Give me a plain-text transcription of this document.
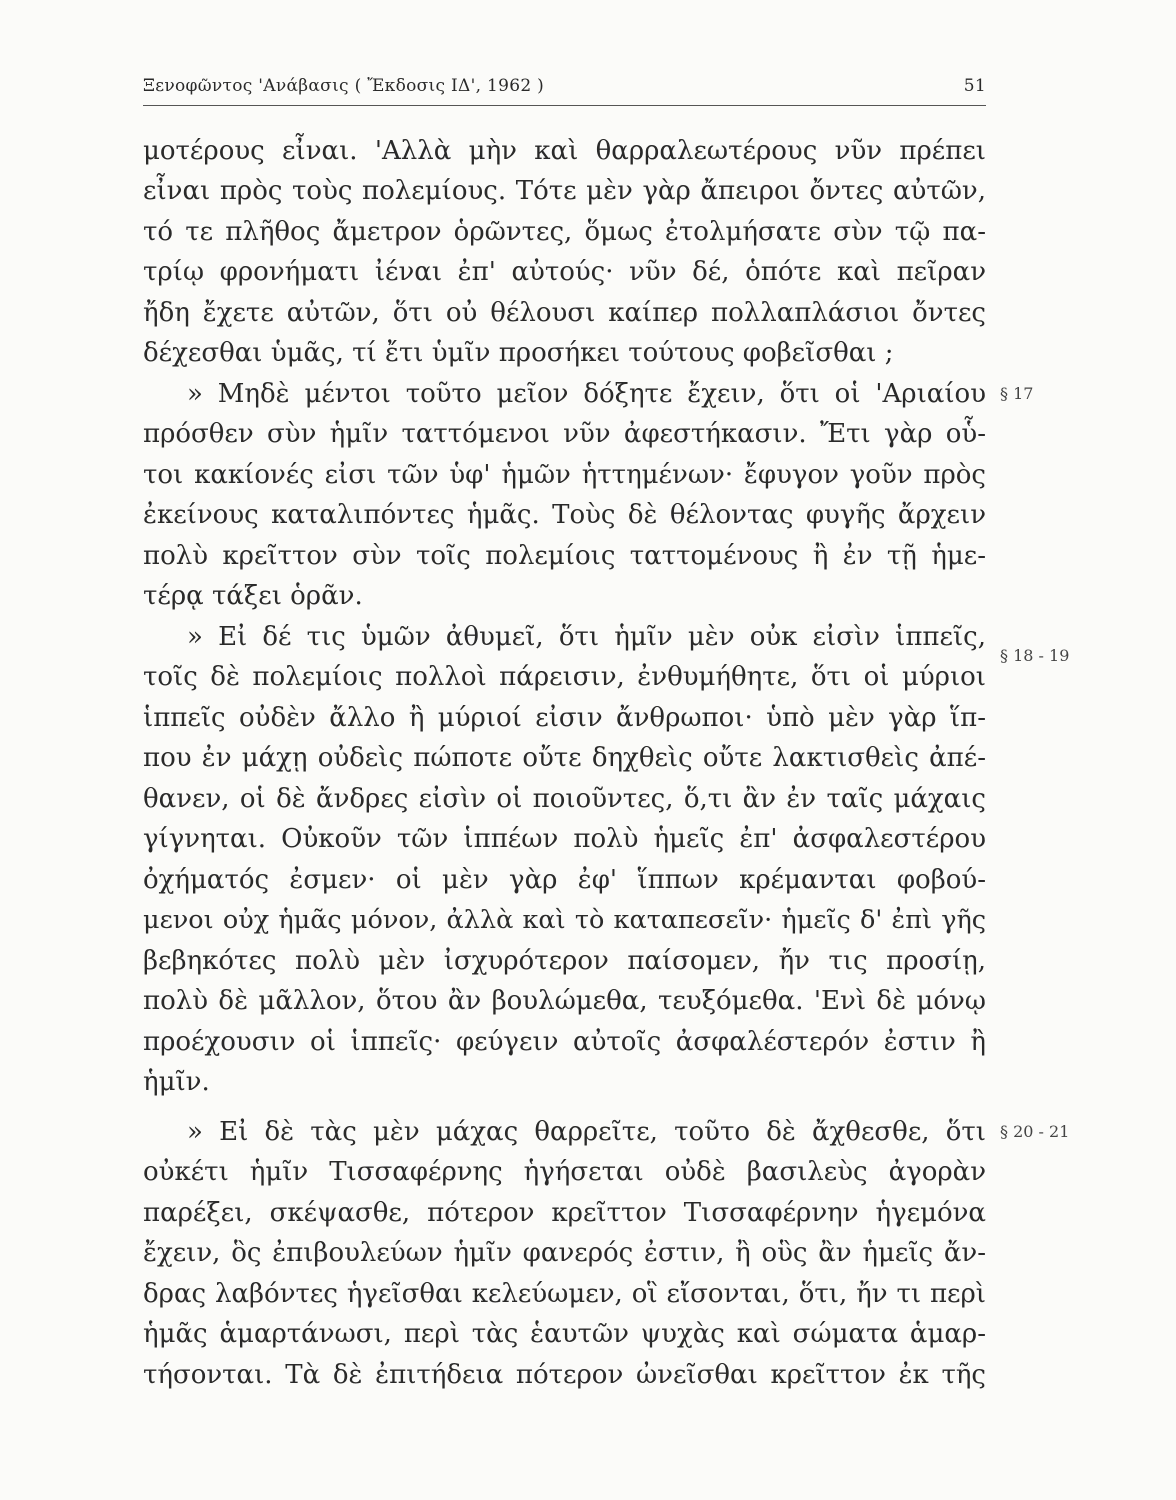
Ξενοφῶντος 'Ανάβασις ( Ἔκδοσις ΙΔ', 1962 )	51
μοτέρους εἶναι. 'Αλλὰ μὴν καὶ θαρραλεωτέρους νῦν πρέπει
εἶναι πρὸς τοὺς πολεμίους. Τότε μὲν γὰρ ἄπειροι ὄντες αὐτῶν,
τό τε πλῆθος ἄμετρον ὁρῶντες, ὅμως ἐτολμήσατε σὺν τῷ πα-
τρίῳ φρονήματι ἰέναι ἐπ' αὐτούς· νῦν δέ, ὁπότε καὶ πεῖραν
ἤδη ἔχετε αὐτῶν, ὅτι οὐ θέλουσι καίπερ πολλαπλάσιοι ὄντες
δέχεσθαι ὑμᾶς, τί ἔτι ὑμῖν προσήκει τούτους φοβεῖσθαι ;
» Μηδὲ μέντοι τοῦτο μεῖον δόξητε ἔχειν, ὅτι οἱ 'Αριαίου
πρόσθεν σὺν ἡμῖν ταττόμενοι νῦν ἀφεστήκασιν. Ἔτι γὰρ οὗ-
τοι κακίονές εἰσι τῶν ὑφ' ἡμῶν ἡττημένων· ἔφυγον γοῦν πρὸς
ἐκείνους καταλιπόντες ἡμᾶς. Τοὺς δὲ θέλοντας φυγῆς ἄρχειν
πολὺ κρεῖττον σὺν τοῖς πολεμίοις ταττομένους ἢ ἐν τῇ ἡμε-
τέρᾳ τάξει ὁρᾶν.
» Εἰ δέ τις ὑμῶν ἀθυμεῖ, ὅτι ἡμῖν μὲν οὐκ εἰσὶν ἱππεῖς,
τοῖς δὲ πολεμίοις πολλοὶ πάρεισιν, ἐνθυμήθητε, ὅτι οἱ μύριοι
ἱππεῖς οὐδὲν ἄλλο ἢ μύριοί εἰσιν ἄνθρωποι· ὑπὸ μὲν γὰρ ἵπ-
που ἐν μάχῃ οὐδεὶς πώποτε οὔτε δηχθεὶς οὔτε λακτισθεὶς ἀπέ-
θανεν, οἱ δὲ ἄνδρες εἰσὶν οἱ ποιοῦντες, ὅ,τι ἂν ἐν ταῖς μάχαις
γίγνηται. Οὐκοῦν τῶν ἱππέων πολὺ ἡμεῖς ἐπ' ἀσφαλεστέρου
ὀχήματός ἐσμεν· οἱ μὲν γὰρ ἐφ' ἵππων κρέμανται φοβού-
μενοι οὐχ ἡμᾶς μόνον, ἀλλὰ καὶ τὸ καταπεσεῖν· ἡμεῖς δ' ἐπὶ γῆς
βεβηκότες πολὺ μὲν ἰσχυρότερον παίσομεν, ἤν τις προσίῃ,
πολὺ δὲ μᾶλλον, ὅτου ἂν βουλώμεθα, τευξόμεθα. 'Ενὶ δὲ μόνῳ
προέχουσιν οἱ ἱππεῖς· φεύγειν αὐτοῖς ἀσφαλέστερόν ἐστιν ἢ
ἡμῖν.
» Εἰ δὲ τὰς μὲν μάχας θαρρεῖτε, τοῦτο δὲ ἄχθεσθε, ὅτι
οὐκέτι ἡμῖν Τισσαφέρνης ἡγήσεται οὐδὲ βασιλεὺς ἀγορὰν
παρέξει, σκέψασθε, πότερον κρεῖττον Τισσαφέρνην ἡγεμόνα
ἔχειν, ὃς ἐπιβουλεύων ἡμῖν φανερός ἐστιν, ἢ οὓς ἂν ἡμεῖς ἄν-
δρας λαβόντες ἡγεῖσθαι κελεύωμεν, οἳ εἴσονται, ὅτι, ἤν τι περὶ
ἡμᾶς ἁμαρτάνωσι, περὶ τὰς ἑαυτῶν ψυχὰς καὶ σώματα ἁμαρ-
τήσονται. Τὰ δὲ ἐπιτήδεια πότερον ὠνεῖσθαι κρεῖττον ἐκ τῆς
§ 17
§ 18 - 19
§ 20 - 21
